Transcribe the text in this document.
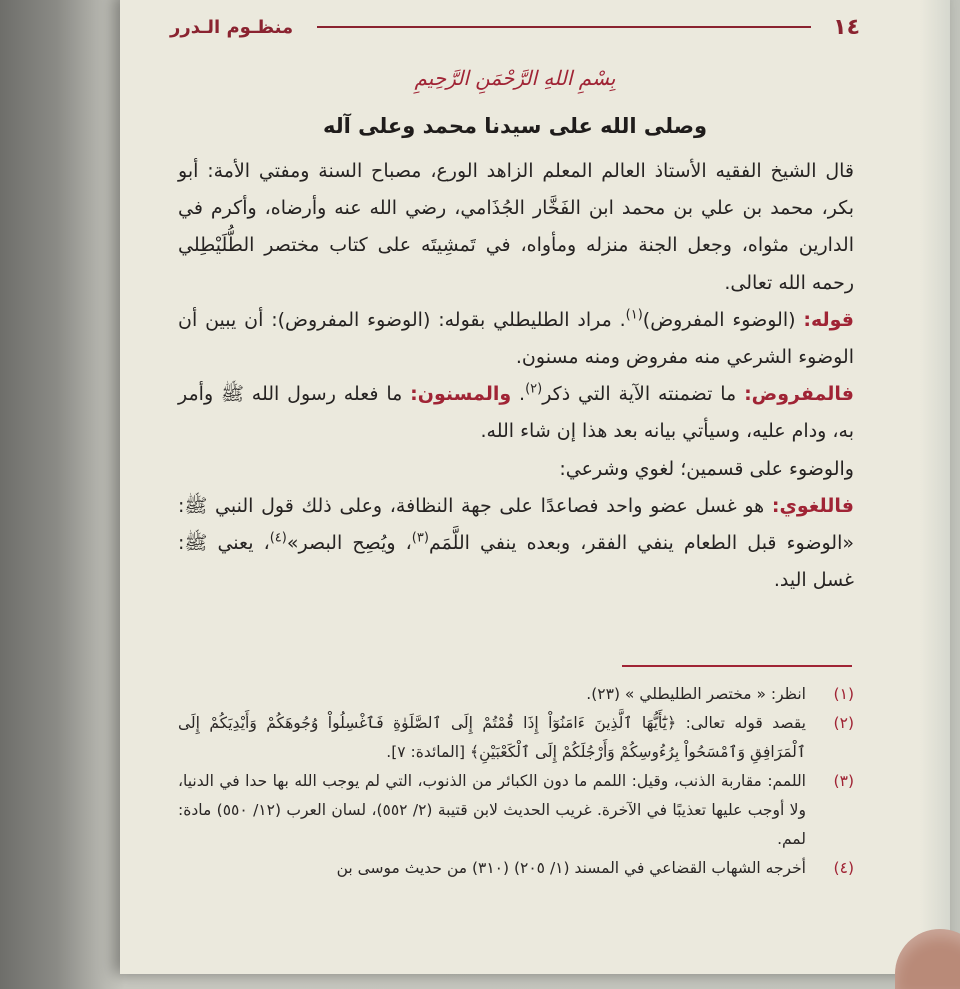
١٤
منظـوم الـدرر
بِسْمِ اللهِ الرَّحْمَنِ الرَّحِيمِ
وصلى الله على سيدنا محمد وعلى آله

قال الشيخ الفقيه الأستاذ العالم المعلم الزاهد الورع، مصباح السنة ومفتي الأمة: أبو بكر، محمد بن علي بن محمد ابن الفَخَّار الجُذَامي، رضي الله عنه وأرضاه، وأكرم في الدارين مثواه، وجعل الجنة منزله ومأواه، في تَمشِيتَه على كتاب مختصر الطُّلَيْطِلي رحمه الله تعالى.

قوله: (الوضوء المفروض)$^{(١)}$. مراد الطليطلي بقوله: (الوضوء المفروض): أن يبين أن الوضوء الشرعي منه مفروض ومنه مسنون.

فالمفروض: ما تضمنته الآية التي ذكر$^{(٢)}$. والمسنون: ما فعله رسول الله ﷺ وأمر به، ودام عليه، وسيأتي بيانه بعد هذا إن شاء الله.

والوضوء على قسمين؛ لغوي وشرعي:

فاللغوي: هو غسل عضو واحد فصاعدًا على جهة النظافة، وعلى ذلك قول النبي ﷺ: «الوضوء قبل الطعام ينفي الفقر، وبعده ينفي اللَّمَم$^{(٣)}$، ويُصِح البصر»$^{(٤)}$، يعني ﷺ: غسل اليد.

(١)
انظر: « مختصر الطليطلي » (٢٣).
(٢)
يقصد قوله تعالى: ﴿يَٰٓأَيُّهَا ٱلَّذِينَ ءَامَنُوٓاْ إِذَا قُمْتُمْ إِلَى ٱلصَّلَوٰةِ فَٱغْسِلُواْ وُجُوهَكُمْ وَأَيْدِيَكُمْ إِلَى ٱلْمَرَافِقِ وَٱمْسَحُواْ بِرُءُوسِكُمْ وَأَرْجُلَكُمْ إِلَى ٱلْكَعْبَيْنِ﴾ [المائدة: ٧].
(٣)
اللمم: مقاربة الذنب، وقيل: اللمم ما دون الكبائر من الذنوب، التي لم يوجب الله بها حدا في الدنيا، ولا أوجب عليها تعذيبًا في الآخرة. غريب الحديث لابن قتيبة (٢/ ٥٥٢)، لسان العرب (١٢/ ٥٥٠) مادة: لمم.
(٤)
أخرجه الشهاب القضاعي في المسند (١/ ٢٠٥) (٣١٠) من حديث موسى بن
